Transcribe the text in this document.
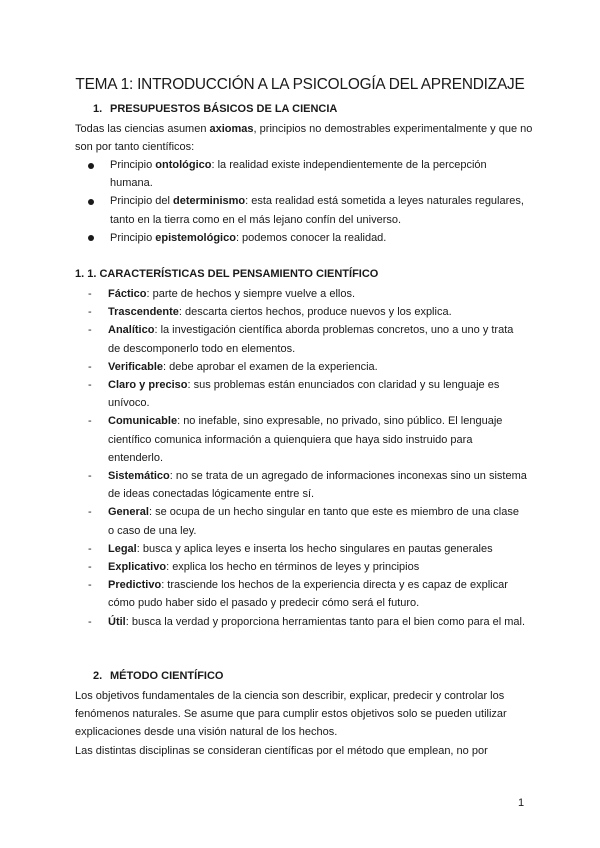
TEMA 1: INTRODUCCIÓN A LA PSICOLOGÍA DEL APRENDIZAJE
1. PRESUPUESTOS BÁSICOS DE LA CIENCIA
Todas las ciencias asumen axiomas, principios no demostrables experimentalmente y que no son por tanto científicos:
Principio ontológico: la realidad existe independientemente de la percepción humana.
Principio del determinismo: esta realidad está sometida a leyes naturales regulares, tanto en la tierra como en el más lejano confín del universo.
Principio epistemológico: podemos conocer la realidad.
1. 1. CARACTERÍSTICAS DEL PENSAMIENTO CIENTÍFICO
- Fáctico: parte de hechos y siempre vuelve a ellos.
- Trascendente: descarta ciertos hechos, produce nuevos y los explica.
- Analítico: la investigación científica aborda problemas concretos, uno a uno y trata de descomponerlo todo en elementos.
- Verificable: debe aprobar el examen de la experiencia.
- Claro y preciso: sus problemas están enunciados con claridad y su lenguaje es unívoco.
- Comunicable: no inefable, sino expresable, no privado, sino público. El lenguaje científico comunica información a quienquiera que haya sido instruido para entenderlo.
- Sistemático: no se trata de un agregado de informaciones inconexas sino un sistema de ideas conectadas lógicamente entre sí.
- General: se ocupa de un hecho singular en tanto que este es miembro de una clase o caso de una ley.
- Legal: busca y aplica leyes e inserta los hecho singulares en pautas generales
- Explicativo: explica los hecho en términos de leyes y principios
- Predictivo: trasciende los hechos de la experiencia directa y es capaz de explicar cómo pudo haber sido el pasado y predecir cómo será el futuro.
- Útil: busca la verdad y proporciona herramientas tanto para el bien como para el mal.
2. MÉTODO CIENTÍFICO
Los objetivos fundamentales de la ciencia son describir, explicar, predecir y controlar los fenómenos naturales. Se asume que para cumplir estos objetivos solo se pueden utilizar explicaciones desde una visión natural de los hechos.
Las distintas disciplinas se consideran científicas por el método que emplean, no por
1
